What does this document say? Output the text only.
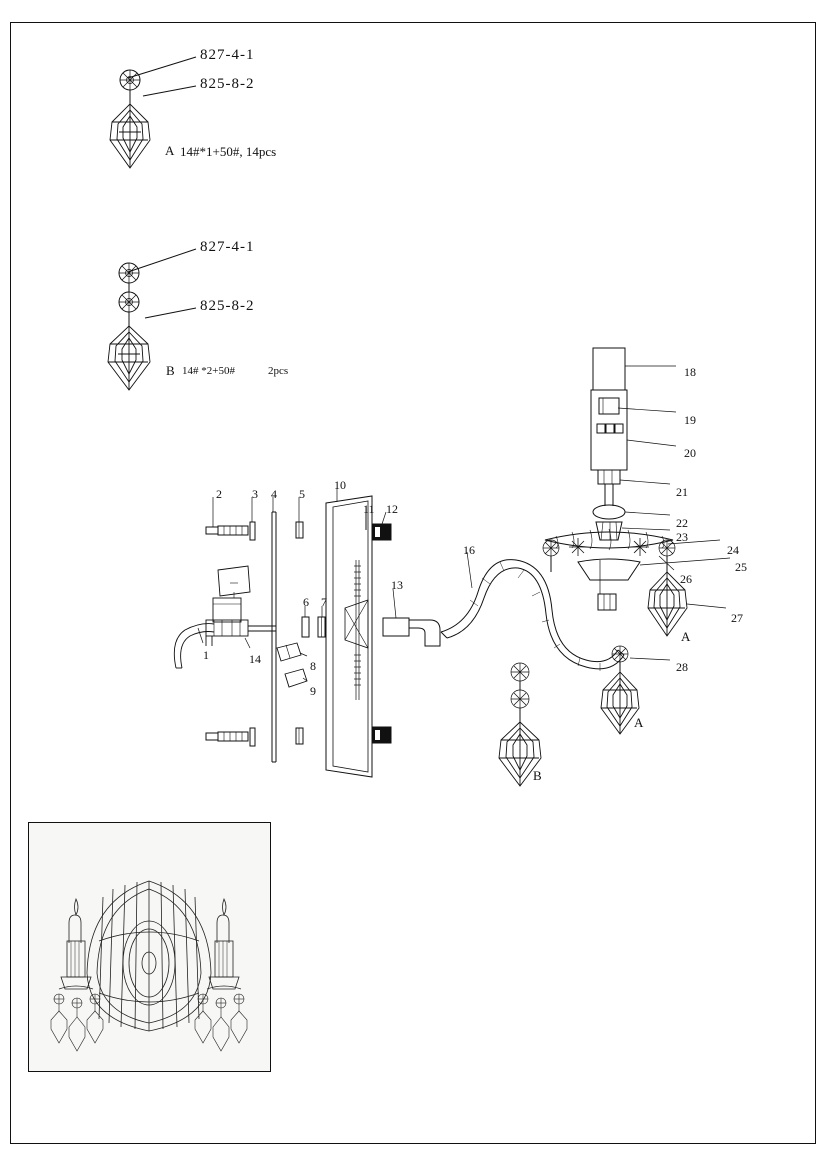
827-4-1
825-8-2
A 14#*1+50#, 14pcs
827-4-1
825-8-2
B 14# *2+50#	2pcs
1
2	3 4 5
6 7
8
9
10
11 12
13
14
16
18
19
20
21
22
23
24
25
26
27
28
A
A
B
